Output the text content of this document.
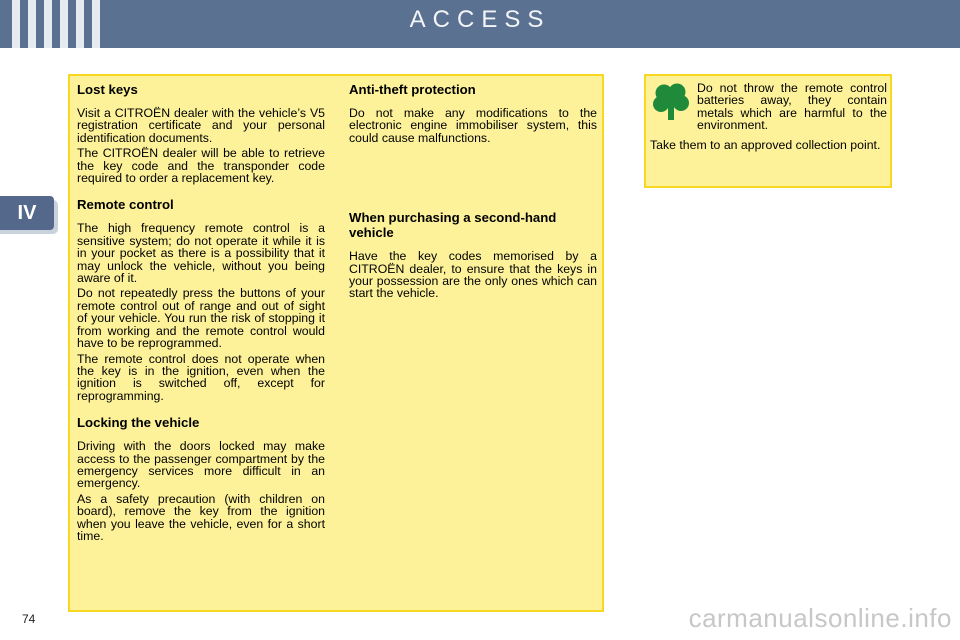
ACCESS
IV
Lost keys

Visit a CITROËN dealer with the vehicle’s V5 registration certificate and your personal identification documents.

The CITROËN dealer will be able to retrieve the key code and the transponder code required to order a replacement key.

Remote control

The high frequency remote control is a sensitive system; do not operate it while it is in your pocket as there is a possibility that it may unlock the vehicle, without you being aware of it.

Do not repeatedly press the buttons of your remote control out of range and out of sight of your vehicle. You run the risk of stopping it from working and the remote control would have to be reprogrammed.

The remote control does not operate when the key is in the ignition, even when the ignition is switched off, except for reprogramming.

Locking the vehicle

Driving with the doors locked may make access to the passenger compartment by the emergency services more difficult in an emergency.

As a safety precaution (with children on board), remove the key from the ignition when you leave the vehicle, even for a short time.

Anti-theft protection

Do not make any modifications to the electronic engine immobiliser system, this could cause malfunctions.

When purchasing a second-hand vehicle

Have the key codes memorised by a CITROËN dealer, to ensure that the keys in your possession are the only ones which can start the vehicle.

Do not throw the remote control batteries away, they contain metals which are harmful to the environment.

Take them to an approved collection point.

74	carmanualsonline.info
